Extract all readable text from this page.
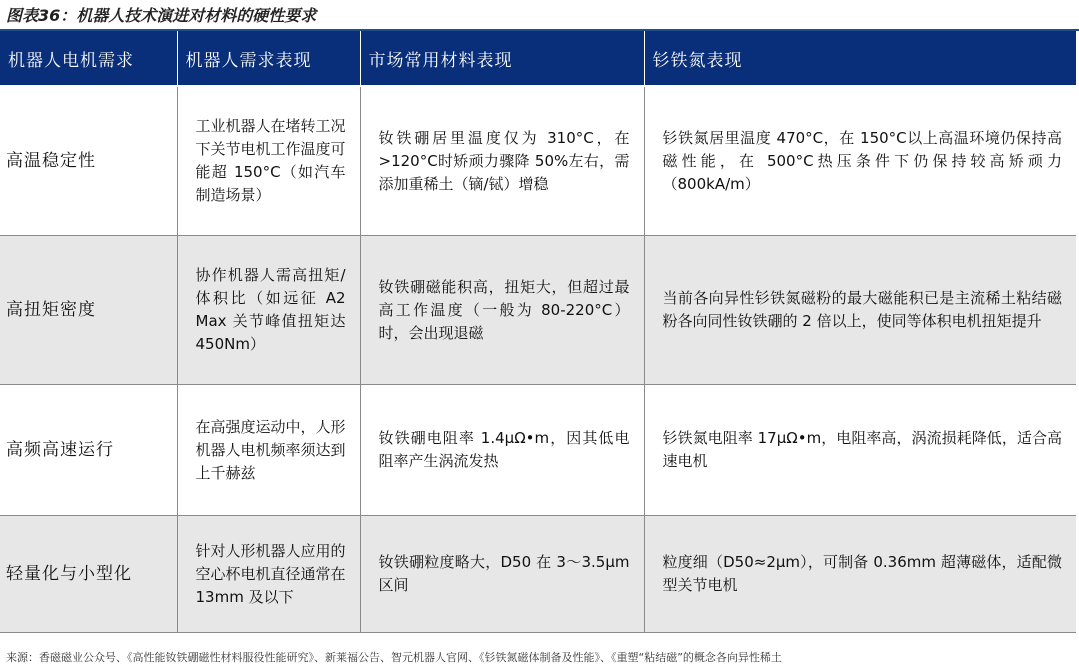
图表36：机器人技术演进对材料的硬性要求
机器人电机需求	机器人需求表现	市场常用材料表现	钐铁氮表现
高温稳定性	工业机器人在堵转工况下关节电机工作温度可能超 150°C（如汽车制造场景）	钕铁硼居里温度仅为 310°C，在>120°C时矫顽力骤降 50%左右，需添加重稀土（镝/铽）增稳	钐铁氮居里温度 470°C，在 150°C以上高温环境仍保持高磁性能，在 500°C热压条件下仍保持较高矫顽力（800kA/m）
高扭矩密度	协作机器人需高扭矩/体积比（如远征 A2 Max 关节峰值扭矩达 450Nm）	钕铁硼磁能积高，扭矩大，但超过最高工作温度（一般为 80-220°C）时，会出现退磁	当前各向异性钐铁氮磁粉的最大磁能积已是主流稀土粘结磁粉各向同性钕铁硼的 2 倍以上，使同等体积电机扭矩提升
高频高速运行	在高强度运动中，人形机器人电机频率须达到上千赫兹	钕铁硼电阻率 1.4μΩ•m，因其低电阻率产生涡流发热	钐铁氮电阻率 17μΩ•m，电阻率高，涡流损耗降低，适合高速电机
轻量化与小型化	针对人形机器人应用的空心杯电机直径通常在 13mm 及以下	钕铁硼粒度略大，D50 在 3～3.5μm 区间	粒度细（D50≈2μm），可制备 0.36mm 超薄磁体，适配微型关节电机
来源：香磁磁业公众号、《高性能钕铁硼磁性材料服役性能研究》、新莱福公告、智元机器人官网、《钐铁氮磁体制备及性能》、《重塑“粘结磁”的概念各向异性稀土
